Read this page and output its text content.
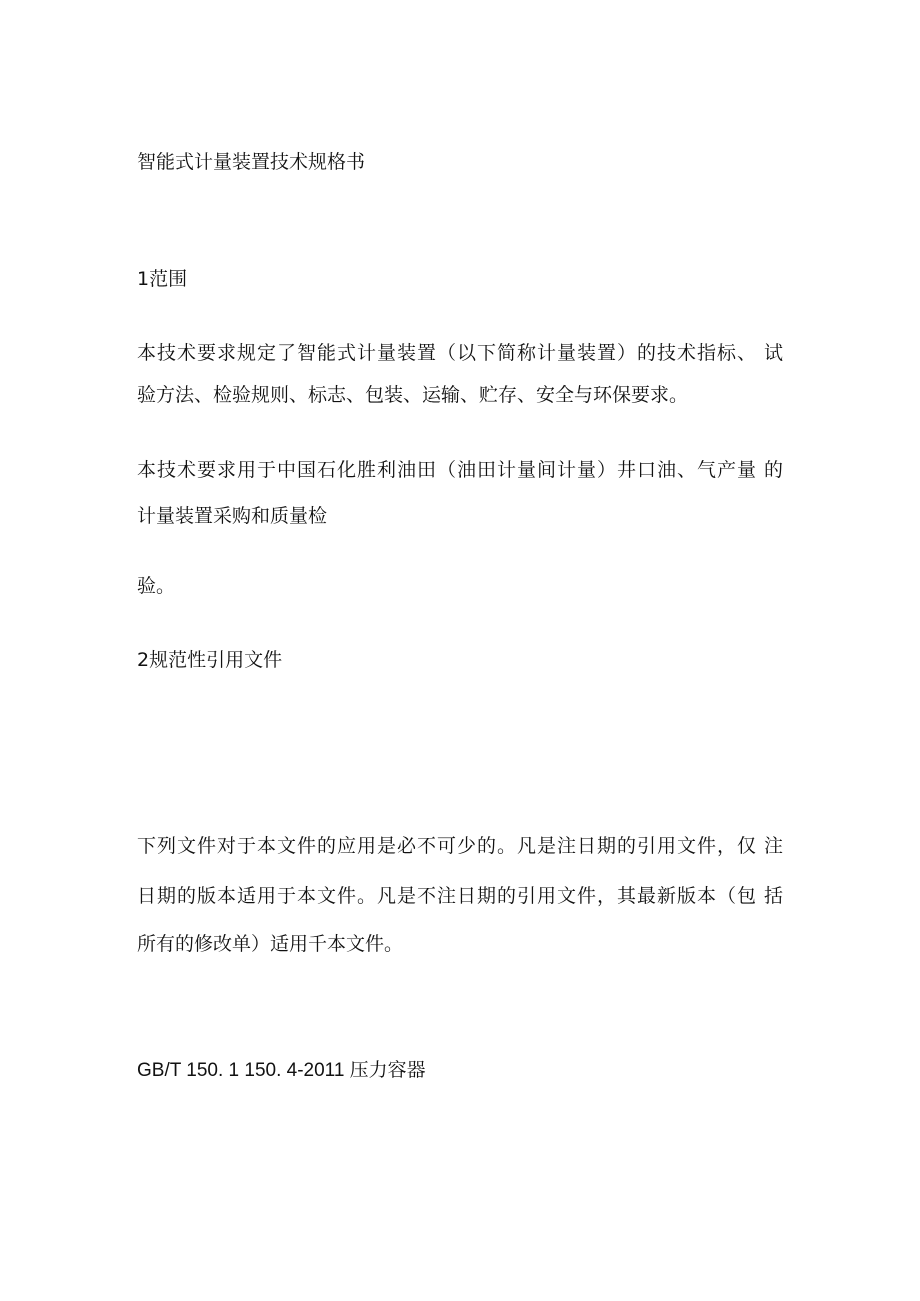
智能式计量装置技术规格书
1范围
本技术要求规定了智能式计量装置（以下简称计量装置）的技术指标、 试
验方法、检验规则、标志、包装、运输、贮存、安全与环保要求。
本技术要求用于中国石化胜利油田（油田计量间计量）井口油、气产量 的
计量装置采购和质量检
验。
2规范性引用文件
下列文件对于本文件的应用是必不可少的。凡是注日期的引用文件，仅 注
日期的版本适用于本文件。凡是不注日期的引用文件，其最新版本（包 括
所有的修改单）适用千本文件。
GB/T 150. 1 150. 4-2011 压力容器
